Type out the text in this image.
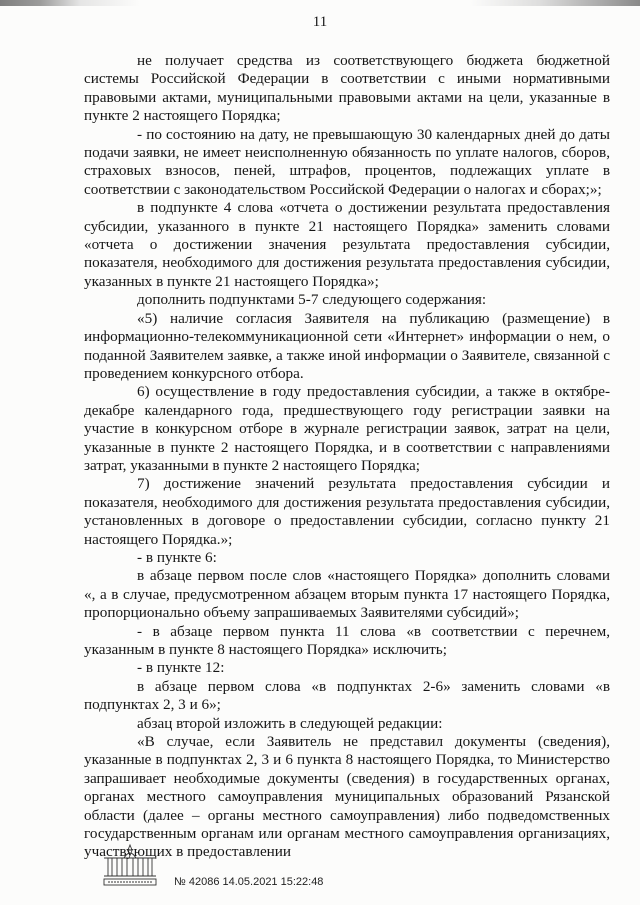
11

не получает средства из соответствующего бюджета бюджетной системы Российской Федерации в соответствии с иными нормативными правовыми актами, муниципальными правовыми актами на цели, указанные в пункте 2 настоящего Порядка;

- по состоянию на дату, не превышающую 30 календарных дней до даты подачи заявки, не имеет неисполненную обязанность по уплате налогов, сборов, страховых взносов, пеней, штрафов, процентов, подлежащих уплате в соответствии с законодательством Российской Федерации о налогах и сборах;»;

в подпункте 4 слова «отчета о достижении результата предоставления субсидии, указанного в пункте 21 настоящего Порядка» заменить словами «отчета о достижении значения результата предоставления субсидии, показателя, необходимого для достижения результата предоставления субсидии, указанных в пункте 21 настоящего Порядка»;

дополнить подпунктами 5-7 следующего содержания:

«5) наличие согласия Заявителя на публикацию (размещение) в информационно-телекоммуникационной сети «Интернет» информации о нем, о поданной Заявителем заявке, а также иной информации о Заявителе, связанной с проведением конкурсного отбора.

6) осуществление в году предоставления субсидии, а также в октябре-декабре календарного года, предшествующего году регистрации заявки на участие в конкурсном отборе в журнале регистрации заявок, затрат на цели, указанные в пункте 2 настоящего Порядка, и в соответствии с направлениями затрат, указанными в пункте 2 настоящего Порядка;

7) достижение значений результата предоставления субсидии и показателя, необходимого для достижения результата предоставления субсидии, установленных в договоре о предоставлении субсидии, согласно пункту 21 настоящего Порядка.»;

- в пункте 6:

в абзаце первом после слов «настоящего Порядка» дополнить словами «, а в случае, предусмотренном абзацем вторым пункта 17 настоящего Порядка, пропорционально объему запрашиваемых Заявителями субсидий»;

- в абзаце первом пункта 11 слова «в соответствии с перечнем, указанным в пункте 8 настоящего Порядка» исключить;

- в пункте 12:

в абзаце первом слова «в подпунктах 2-6» заменить словами «в подпунктах 2, 3 и 6»;

абзац второй изложить в следующей редакции:

«В случае, если Заявитель не представил документы (сведения), указанные в подпунктах 2, 3 и 6 пункта 8 настоящего Порядка, то Министерство запрашивает необходимые документы (сведения) в государственных органах, органах местного самоуправления муниципальных образований Рязанской области (далее – органы местного самоуправления) либо подведомственных государственным органам или органам местного самоуправления организациях, участвующих в предоставлении

№ 42086 14.05.2021 15:22:48
